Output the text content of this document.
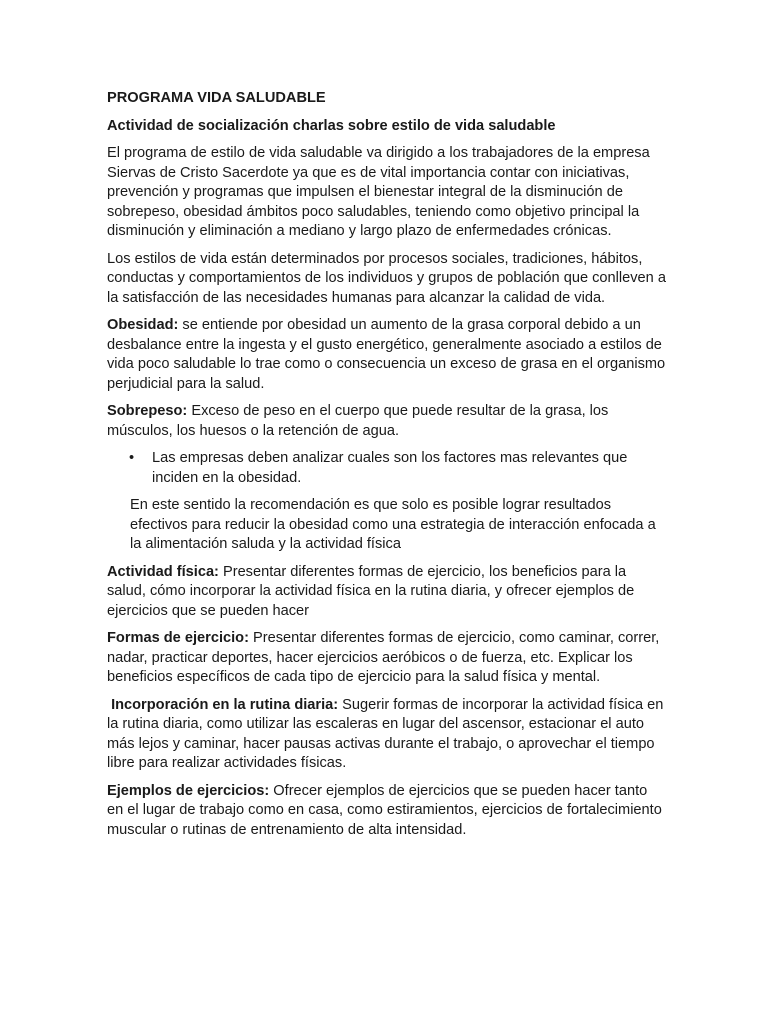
PROGRAMA VIDA SALUDABLE
Actividad de socialización charlas sobre estilo de vida saludable

El programa de estilo de vida saludable va dirigido a los trabajadores de la empresa Siervas de Cristo Sacerdote ya que es de vital importancia contar con iniciativas, prevención y programas que impulsen el bienestar integral de la disminución de sobrepeso, obesidad ámbitos poco saludables, teniendo como objetivo principal la disminución y eliminación a mediano y largo plazo de enfermedades crónicas.

Los estilos de vida están determinados por procesos sociales, tradiciones, hábitos, conductas y comportamientos de los individuos y grupos de población que conlleven a la satisfacción de las necesidades humanas para alcanzar la calidad de vida.

Obesidad: se entiende por obesidad un aumento de la grasa corporal debido a un desbalance entre la ingesta y el gusto energético, generalmente asociado a estilos de vida poco saludable lo trae como o consecuencia un exceso de grasa en el organismo perjudicial para la salud.

Sobrepeso: Exceso de peso en el cuerpo que puede resultar de la grasa, los músculos, los huesos o la retención de agua.

• Las empresas deben analizar cuales son los factores mas relevantes que inciden en la obesidad.

En este sentido la recomendación es que solo es posible lograr resultados efectivos para reducir la obesidad como una estrategia de interacción enfocada a la alimentación saluda y la actividad física

Actividad física: Presentar diferentes formas de ejercicio, los beneficios para la salud, cómo incorporar la actividad física en la rutina diaria, y ofrecer ejemplos de ejercicios que se pueden hacer

Formas de ejercicio: Presentar diferentes formas de ejercicio, como caminar, correr, nadar, practicar deportes, hacer ejercicios aeróbicos o de fuerza, etc. Explicar los beneficios específicos de cada tipo de ejercicio para la salud física y mental.

Incorporación en la rutina diaria: Sugerir formas de incorporar la actividad física en la rutina diaria, como utilizar las escaleras en lugar del ascensor, estacionar el auto más lejos y caminar, hacer pausas activas durante el trabajo, o aprovechar el tiempo libre para realizar actividades físicas.

Ejemplos de ejercicios: Ofrecer ejemplos de ejercicios que se pueden hacer tanto en el lugar de trabajo como en casa, como estiramientos, ejercicios de fortalecimiento muscular o rutinas de entrenamiento de alta intensidad.
